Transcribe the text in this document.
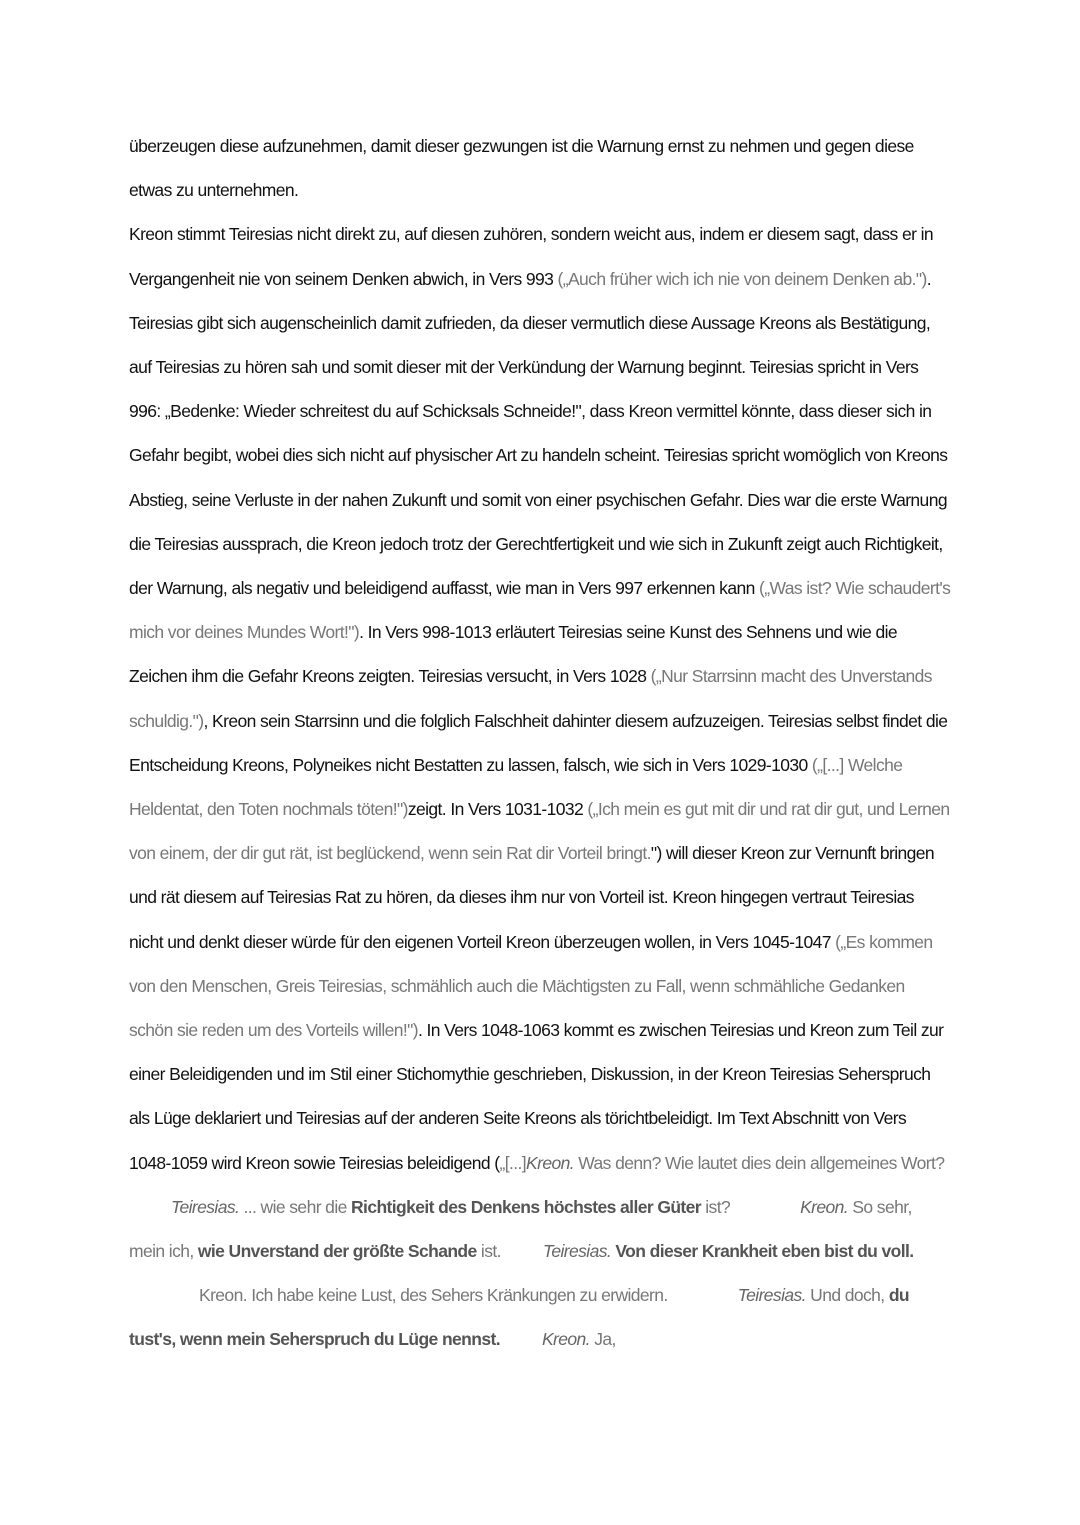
überzeugen diese aufzunehmen, damit dieser gezwungen ist die Warnung ernst zu nehmen und gegen diese etwas zu unternehmen.

Kreon stimmt Teiresias nicht direkt zu, auf diesen zuhören, sondern weicht aus, indem er diesem sagt, dass er in Vergangenheit nie von seinem Denken abwich, in Vers 993 („Auch früher wich ich nie von deinem Denken ab."). Teiresias gibt sich augenscheinlich damit zufrieden, da dieser vermutlich diese Aussage Kreons als Bestätigung, auf Teiresias zu hören sah und somit dieser mit der Verkündung der Warnung beginnt. Teiresias spricht in Vers 996: „Bedenke: Wieder schreitest du auf Schicksals Schneide!", dass Kreon vermittel könnte, dass dieser sich in Gefahr begibt, wobei dies sich nicht auf physischer Art zu handeln scheint. Teiresias spricht womöglich von Kreons Abstieg, seine Verluste in der nahen Zukunft und somit von einer psychischen Gefahr. Dies war die erste Warnung die Teiresias aussprach, die Kreon jedoch trotz der Gerechtfertigkeit und wie sich in Zukunft zeigt auch Richtigkeit, der Warnung, als negativ und beleidigend auffasst, wie man in Vers 997 erkennen kann („Was ist? Wie schaudert's mich vor deines Mundes Wort!"). In Vers 998-1013 erläutert Teiresias seine Kunst des Sehnens und wie die Zeichen ihm die Gefahr Kreons zeigten. Teiresias versucht, in Vers 1028 („Nur Starrsinn macht des Unverstands schuldig."), Kreon sein Starrsinn und die folglich Falschheit dahinter diesem aufzuzeigen. Teiresias selbst findet die Entscheidung Kreons, Polyneikes nicht Bestatten zu lassen, falsch, wie sich in Vers 1029-1030 („[...] Welche Heldentat, den Toten nochmals töten!")zeigt. In Vers 1031-1032 („Ich mein es gut mit dir und rat dir gut, und Lernen von einem, der dir gut rät, ist beglückend, wenn sein Rat dir Vorteil bringt.") will dieser Kreon zur Vernunft bringen und rät diesem auf Teiresias Rat zu hören, da dieses ihm nur von Vorteil ist. Kreon hingegen vertraut Teiresias nicht und denkt dieser würde für den eigenen Vorteil Kreon überzeugen wollen, in Vers 1045-1047 („Es kommen von den Menschen, Greis Teiresias, schmählich auch die Mächtigsten zu Fall, wenn schmähliche Gedanken schön sie reden um des Vorteils willen!"). In Vers 1048-1063 kommt es zwischen Teiresias und Kreon zum Teil zur einer Beleidigenden und im Stil einer Stichomythie geschrieben, Diskussion, in der Kreon Teiresias Seherspruch als Lüge deklariert und Teiresias auf der anderen Seite Kreons als törichtbeleidigt. Im Text Abschnitt von Vers 1048-1059 wird Kreon sowie Teiresias beleidigend („[...]Kreon. Was denn? Wie lautet dies dein allgemeines Wort?Teiresias. ... wie sehr die Richtigkeit des Denkens höchstes aller Güter ist?	Kreon. So sehr, mein ich, wie Unverstand der größte Schande ist. Teiresias. Von dieser Krankheit eben bist du voll.Kreon. Ich habe keine Lust, des Sehers Kränkungen zu erwidern.	Teiresias. Und doch, du tust's, wenn mein Seherspruch du Lüge nennst. Kreon. Ja,
